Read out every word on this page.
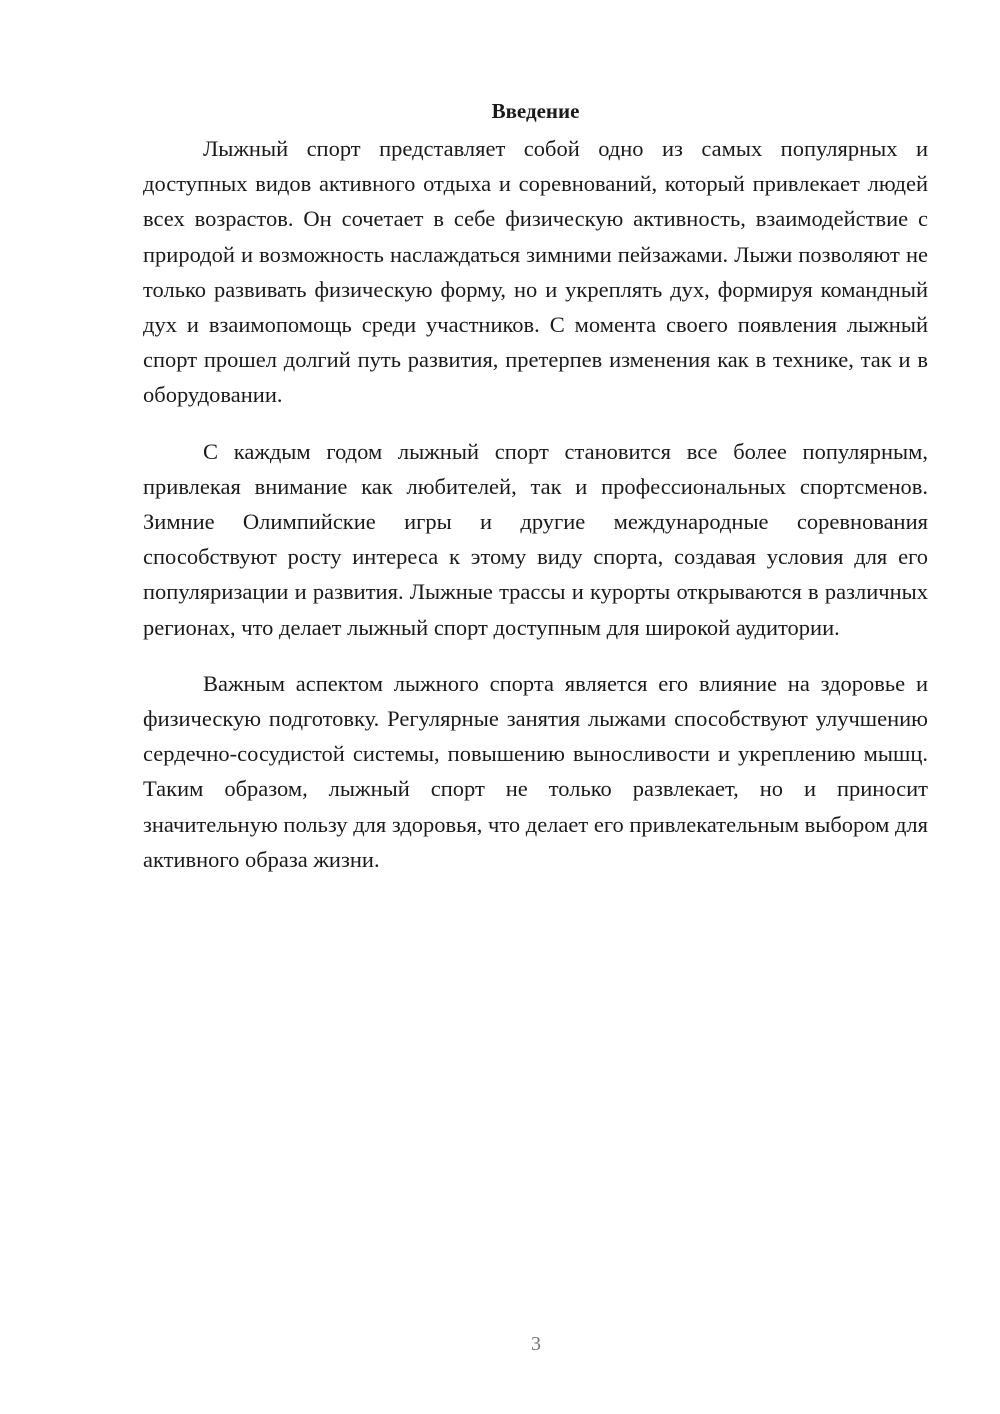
Введение

Лыжный спорт представляет собой одно из самых популярных и доступных видов активного отдыха и соревнований, который привлекает людей всех возрастов. Он сочетает в себе физическую активность, взаимодействие с природой и возможность наслаждаться зимними пейзажами. Лыжи позволяют не только развивать физическую форму, но и укреплять дух, формируя командный дух и взаимопомощь среди участников. С момента своего появления лыжный спорт прошел долгий путь развития, претерпев изменения как в технике, так и в оборудовании.

С каждым годом лыжный спорт становится все более популярным, привлекая внимание как любителей, так и профессиональных спортсменов. Зимние Олимпийские игры и другие международные соревнования способствуют росту интереса к этому виду спорта, создавая условия для его популяризации и развития. Лыжные трассы и курорты открываются в различных регионах, что делает лыжный спорт доступным для широкой аудитории.

Важным аспектом лыжного спорта является его влияние на здоровье и физическую подготовку. Регулярные занятия лыжами способствуют улучшению сердечно-сосудистой системы, повышению выносливости и укреплению мышц. Таким образом, лыжный спорт не только развлекает, но и приносит значительную пользу для здоровья, что делает его привлекательным выбором для активного образа жизни.

3
